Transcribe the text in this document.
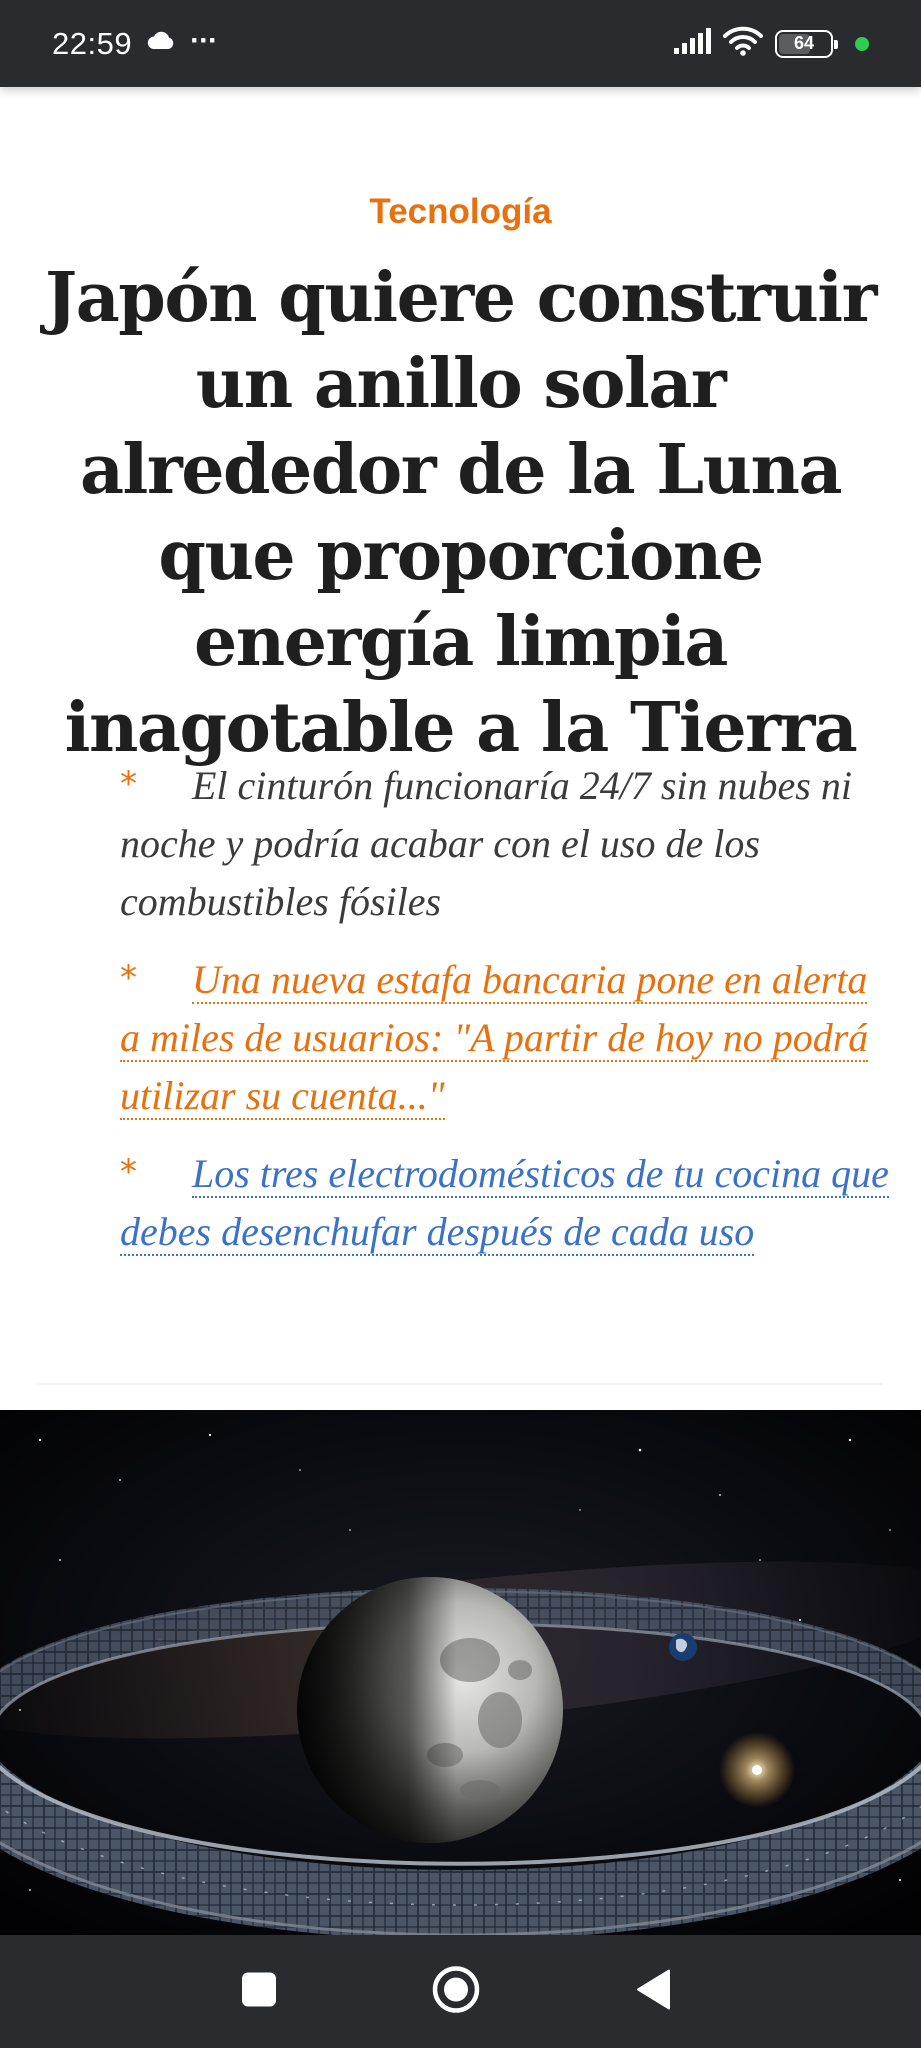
22:59 ···	64
Tecnología
Japón quiere construir un anillo solar alrededor de la Luna que proporcione energía limpia inagotable a la Tierra
* El cinturón funcionaría 24/7 sin nubes ni noche y podría acabar con el uso de los combustibles fósiles
* Una nueva estafa bancaria pone en alerta a miles de usuarios: "A partir de hoy no podrá utilizar su cuenta..."
* Los tres electrodomésticos de tu cocina que debes desenchufar después de cada uso
